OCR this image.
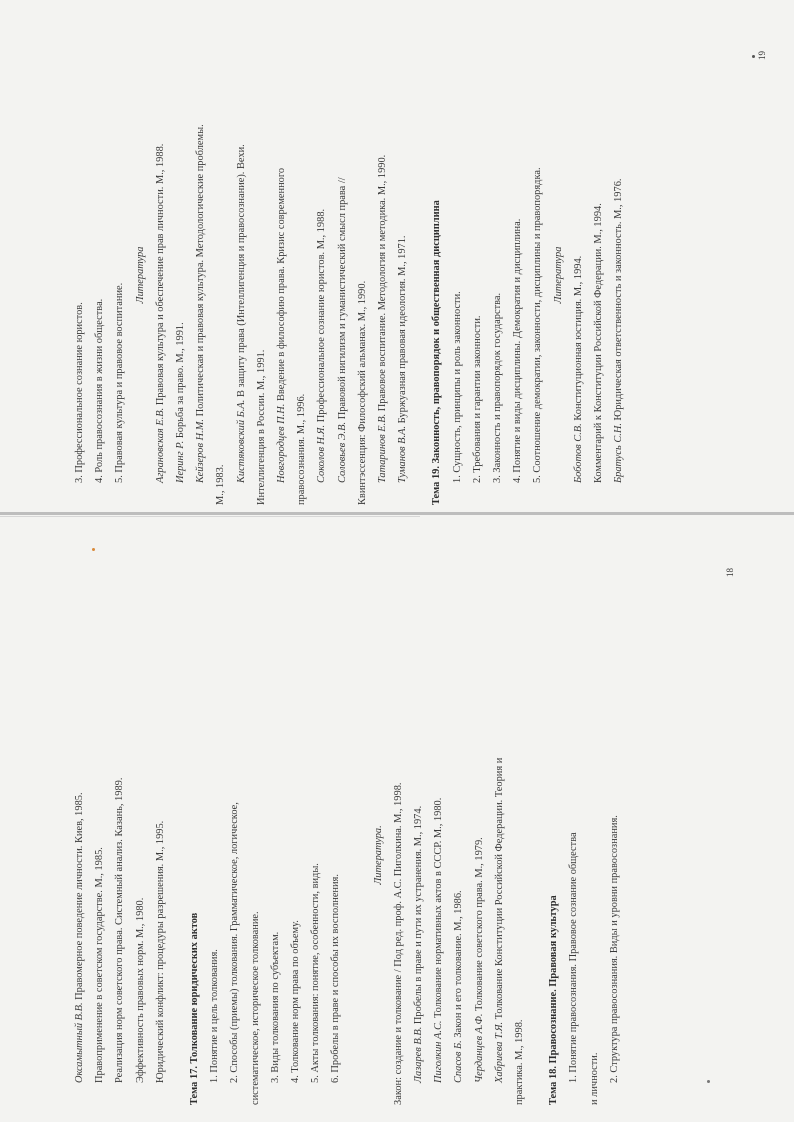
19
18

3. Профессиональное сознание юристов. 4. Роль правосознания в жизни общества. 5. Правовая культура и правовое воспитание.

Литература

Аграновская Е.В. Правовая культура и обеспечение прав личности. М., 1988.

Иеринг Р. Борьба за право. М., 1991.

Кейзеров Н.М. Политическая и правовая культура. Методологические проблемы.

М., 1983.

Кистяковский Б.А. В защиту права (Интеллигенция и правосознание). Вехи.

Интеллигенция в России. М., 1991. Новгородцев П.Н. Введение в философию права. Кризис современного

правосознания. М., 1996. Соколов Н.Я. Профессиональное сознание юристов. М., 1988.

Соловьев Э.В. Правовой нигилизм и гуманистический смысл права // Квинтэссенция: Философский альманах. М., 1990. Татаринов Е.В. Правовое воспитание. Методология и методика. М., 1990.

Туманов В.А. Буржуазная правовая идеология. М., 1971.	Тема 19. Законность, правопорядок и общественная дисциплина 1. Сущность, принципы и роль законности. 2. Требования и гарантии законности. 3. Законность и правопорядок государства. 4. Понятие и виды дисциплины. Демократия и дисциплина. 5. Соотношение демократии, законности, дисциплины и правопорядка. Литература

Боботов С.В. Конституционная юстиция. М., 1994. Комментарий к Конституции Российской Федерации. М., 1994. Братусь С.Н. Юридическая ответственность и законность. М., 1976.

Оксамытный В.В. Правомерное поведение личности. Киев, 1985. Правоприменение в советском государстве. М., 1985. Реализация норм советского права. Системный анализ. Казань, 1989. Эффективность правовых норм. М., 1980. Юридический конфликт: процедуры разрешения. М., 1995.	Тема 17. Толкование юридических актов 1. Понятие и цель толкования. 2. Способы (приемы) толкования. Грамматическое, логическое, систематическое, историческое толкование. 3. Виды толкования по субъектам. 4. Толкование норм права по объему. 5. Акты толкования: понятие, особенности, виды. 6. Пробелы в праве и способы их восполнения.

Литература. Закон: создание и толкование / Под ред. проф. А.С. Пиголкина. М., 1998. Лазарев В.В. Пробелы в праве и пути их устранения. М., 1974.

Пиголкин А.С. Толкование нормативных актов в СССР. М., 1980.

Спасов Б. Закон и его толкование. М., 1986.

Черданцев А.Ф. Толкование советского права. М., 1979.

Хабриева Т.Я. Толкование Конституции Российской Федерации. Теория и

практика. М., 1998.	Тема 18. Правосознание. Правовая культура 1. Понятие правосознания. Правовое сознание общества и личности. 2. Структура правосознания. Виды и уровни правосознания.
